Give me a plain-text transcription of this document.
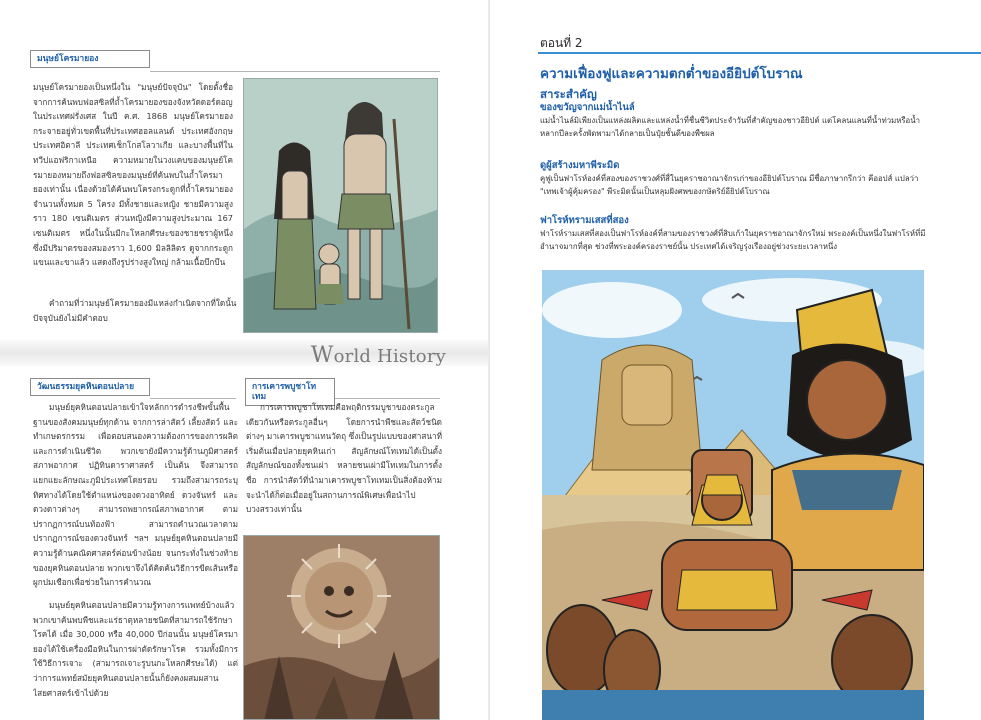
มนุษย์โครมายอง
มนุษย์โครมายองเป็นหนึ่งใน "มนุษย์ปัจจุบัน" โดยตั้งชื่อจากการค้นพบฟอสซิลที่ถ้ำโครมายองของจังหวัดดอร์ดอญในประเทศฝรั่งเศส ในปี ค.ศ. 1868 มนุษย์โครมายองกระจายอยู่ทั่วเขตพื้นที่ประเทศฮอลแลนด์ ประเทศอังกฤษ ประเทศอิตาลี ประเทศเช็กโกสโลวาเกีย และบางพื้นที่ในทวีปแอฟริกาเหนือ ความหมายในวงแคบของมนุษย์โครมายองหมายถึงฟอสซิลของมนุษย์ที่ค้นพบในถ้ำโครมายองเท่านั้น เนื่องด้วยได้ค้นพบโครงกระดูกที่ถ้ำโครมายองจำนวนทั้งหมด 5 โครง มีทั้งชายและหญิง ชายมีความสูงราว 180 เซนติเมตร ส่วนหญิงมีความสูงประมาณ 167 เซนติเมตร หนึ่งในนั้นมีกะโหลกศีรษะของชายชราผู้หนึ่งซึ่งมีปริมาตรของสมองราว 1,600 มิลลิลิตร ดูจากกระดูกแขนและขาแล้ว แสดงถึงรูปร่างสูงใหญ่ กล้ามเนื้อบึกบึน
คำถามที่ว่ามนุษย์โครมายองมีแหล่งกำเนิดจากที่ใดนั้น ปัจจุบันยังไม่มีคำตอบ
World History
วัฒนธรรมยุคหินตอนปลาย
มนุษย์ยุคหินตอนปลายเข้าใจหลักการดำรงชีพขั้นพื้นฐานของสังคมมนุษย์ทุกด้าน จากการล่าสัตว์ เลี้ยงสัตว์ และทำเกษตรกรรม เพื่อตอบสนองความต้องการของการผลิต และการดำเนินชีวิต พวกเขายังมีความรู้ด้านภูมิศาสตร์ สภาพอากาศ ปฏิทินดาราศาสตร์ เป็นต้น จึงสามารถแยกแยะลักษณะภูมิประเทศโดยรอบ รวมถึงสามารถระบุทิศทางได้โดยใช้ตำแหน่งของดวงอาทิตย์ ดวงจันทร์ และดวงดาวต่างๆ สามารถพยากรณ์สภาพอากาศ ตามปรากฏการณ์บนท้องฟ้า สามารถคำนวณเวลาตามปรากฏการณ์ของดวงจันทร์ ฯลฯ มนุษย์ยุคหินตอนปลายมีความรู้ด้านคณิตศาสตร์ค่อนข้างน้อย จนกระทั่งในช่วงท้ายของยุคหินตอนปลาย พวกเขาจึงได้คิดค้นวิธีการขีดเส้นหรือผูกปมเชือกเพื่อช่วยในการคำนวณ
มนุษย์ยุคหินตอนปลายมีความรู้ทางการแพทย์บ้างแล้ว พวกเขาค้นพบพืชและแร่ธาตุหลายชนิดที่สามารถใช้รักษาโรคได้ เมื่อ 30,000 หรือ 40,000 ปีก่อนนั้น มนุษย์โครมายองได้ใช้เครื่องมือหินในการผ่าตัดรักษาโรค รวมทั้งมีการใช้วิธีการเจาะ (สามารถเจาะรูบนกะโหลกศีรษะได้) แต่ว่าการแพทย์สมัยยุคหินตอนปลายนั้นก็ยังคงผสมผสานไสยศาสตร์เข้าไปด้วย
การเคารพบูชาโทเทม
การเคารพบูชาโทเทมคือพฤติกรรมบูชาของตระกูลเดียวกันหรือตระกูลอื่นๆ โดยการนำพืชและสัตว์ชนิดต่างๆ มาเคารพบูชาแทนวัตถุ ซึ่งเป็นรูปแบบของศาสนาที่เริ่มต้นเมื่อปลายยุคหินเก่า สัญลักษณ์โทเทมได้เป็นตั้งสัญลักษณ์ของทั้งชนเผ่า หลายชนเผ่ามีโทเทมในการตั้งชื่อ การนำสัตว์ที่นำมาเคารพบูชาโทเทมเป็นสิ่งต้องห้ามจะนำได้ก็ต่อเมื่ออยู่ในสถานการณ์พิเศษเพื่อนำไปบวงสรวงเท่านั้น
ตอนที่ 2
ความเฟื่องฟูและความตกต่ำของอียิปต์โบราณ
สาระสำคัญ
ของขวัญจากแม่น้ำไนล์
แม่น้ำไนล์มิเพียงเป็นแหล่งผลิตและแหล่งน้ำที่ชื่นชีวิตประจำวันที่สำคัญของชาวอียิปต์ แต่โคลนแลนที่น้ำท่วมหรือน้ำหลากปีละครั้งพัดพามาได้กลายเป็นปุ๋ยชั้นดีของพืชผล
ดูผู้สร้างมหาพีระมิด
คูฟูเป็นฟาโรห์องค์ที่สองของราชวงศ์ที่สี่ในยุคราชอาณาจักรเก่าของอียิปต์โบราณ มีชื่อภาษากรีกว่า คีออปส์ แปลว่า "เทพเจ้าผู้คุ้มครอง" พีระมิดนั้นเป็นหลุมฝังศพของกษัตริย์อียิปต์โบราณ
ฟาโรห์ทรามเสสที่สอง
ฟาโรห์รามเสสที่สองเป็นฟาโรห์องค์ที่สามของราชวงศ์ที่สิบเก้าในยุคราชอาณาจักรใหม่ พระองค์เป็นหนึ่งในฟาโรห์ที่มีอำนาจมากที่สุด ช่วงที่พระองค์ครองราชย์นั้น ประเทศได้เจริญรุ่งเรืองอยู่ช่วงระยะเวลาหนึ่ง
